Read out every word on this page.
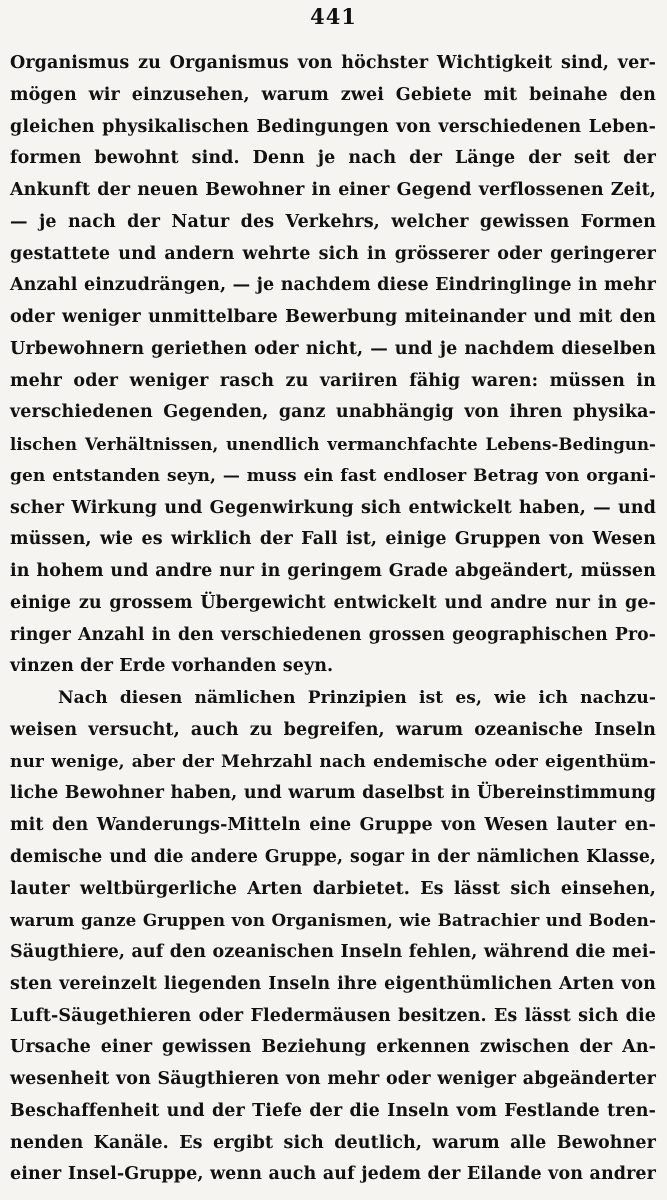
441
Organismus zu Organismus von höchster Wichtigkeit sind, ver-
mögen wir einzusehen, warum zwei Gebiete mit beinahe den
gleichen physikalischen Bedingungen von verschiedenen Leben-
formen bewohnt sind. Denn je nach der Länge der seit der
Ankunft der neuen Bewohner in einer Gegend verflossenen Zeit,
— je nach der Natur des Verkehrs, welcher gewissen Formen
gestattete und andern wehrte sich in grösserer oder geringerer
Anzahl einzudrängen, — je nachdem diese Eindringlinge in mehr
oder weniger unmittelbare Bewerbung miteinander und mit den
Urbewohnern geriethen oder nicht, — und je nachdem dieselben
mehr oder weniger rasch zu variiren fähig waren: müssen in
verschiedenen Gegenden, ganz unabhängig von ihren physika-
lischen Verhältnissen, unendlich vermanchfachte Lebens-Bedingun-
gen entstanden seyn, — muss ein fast endloser Betrag von organi-
scher Wirkung und Gegenwirkung sich entwickelt haben, — und
müssen, wie es wirklich der Fall ist, einige Gruppen von Wesen
in hohem und andre nur in geringem Grade abgeändert, müssen
einige zu grossem Übergewicht entwickelt und andre nur in ge-
ringer Anzahl in den verschiedenen grossen geographischen Pro-
vinzen der Erde vorhanden seyn.
Nach diesen nämlichen Prinzipien ist es, wie ich nachzu-
weisen versucht, auch zu begreifen, warum ozeanische Inseln
nur wenige, aber der Mehrzahl nach endemische oder eigenthüm-
liche Bewohner haben, und warum daselbst in Übereinstimmung
mit den Wanderungs-Mitteln eine Gruppe von Wesen lauter en-
demische und die andere Gruppe, sogar in der nämlichen Klasse,
lauter weltbürgerliche Arten darbietet. Es lässt sich einsehen,
warum ganze Gruppen von Organismen, wie Batrachier und Boden-
Säugthiere, auf den ozeanischen Inseln fehlen, während die mei-
sten vereinzelt liegenden Inseln ihre eigenthümlichen Arten von
Luft-Säugethieren oder Fledermäusen besitzen. Es lässt sich die
Ursache einer gewissen Beziehung erkennen zwischen der An-
wesenheit von Säugthieren von mehr oder weniger abgeänderter
Beschaffenheit und der Tiefe der die Inseln vom Festlande tren-
nenden Kanäle. Es ergibt sich deutlich, warum alle Bewohner
einer Insel-Gruppe, wenn auch auf jedem der Eilande von andrer
